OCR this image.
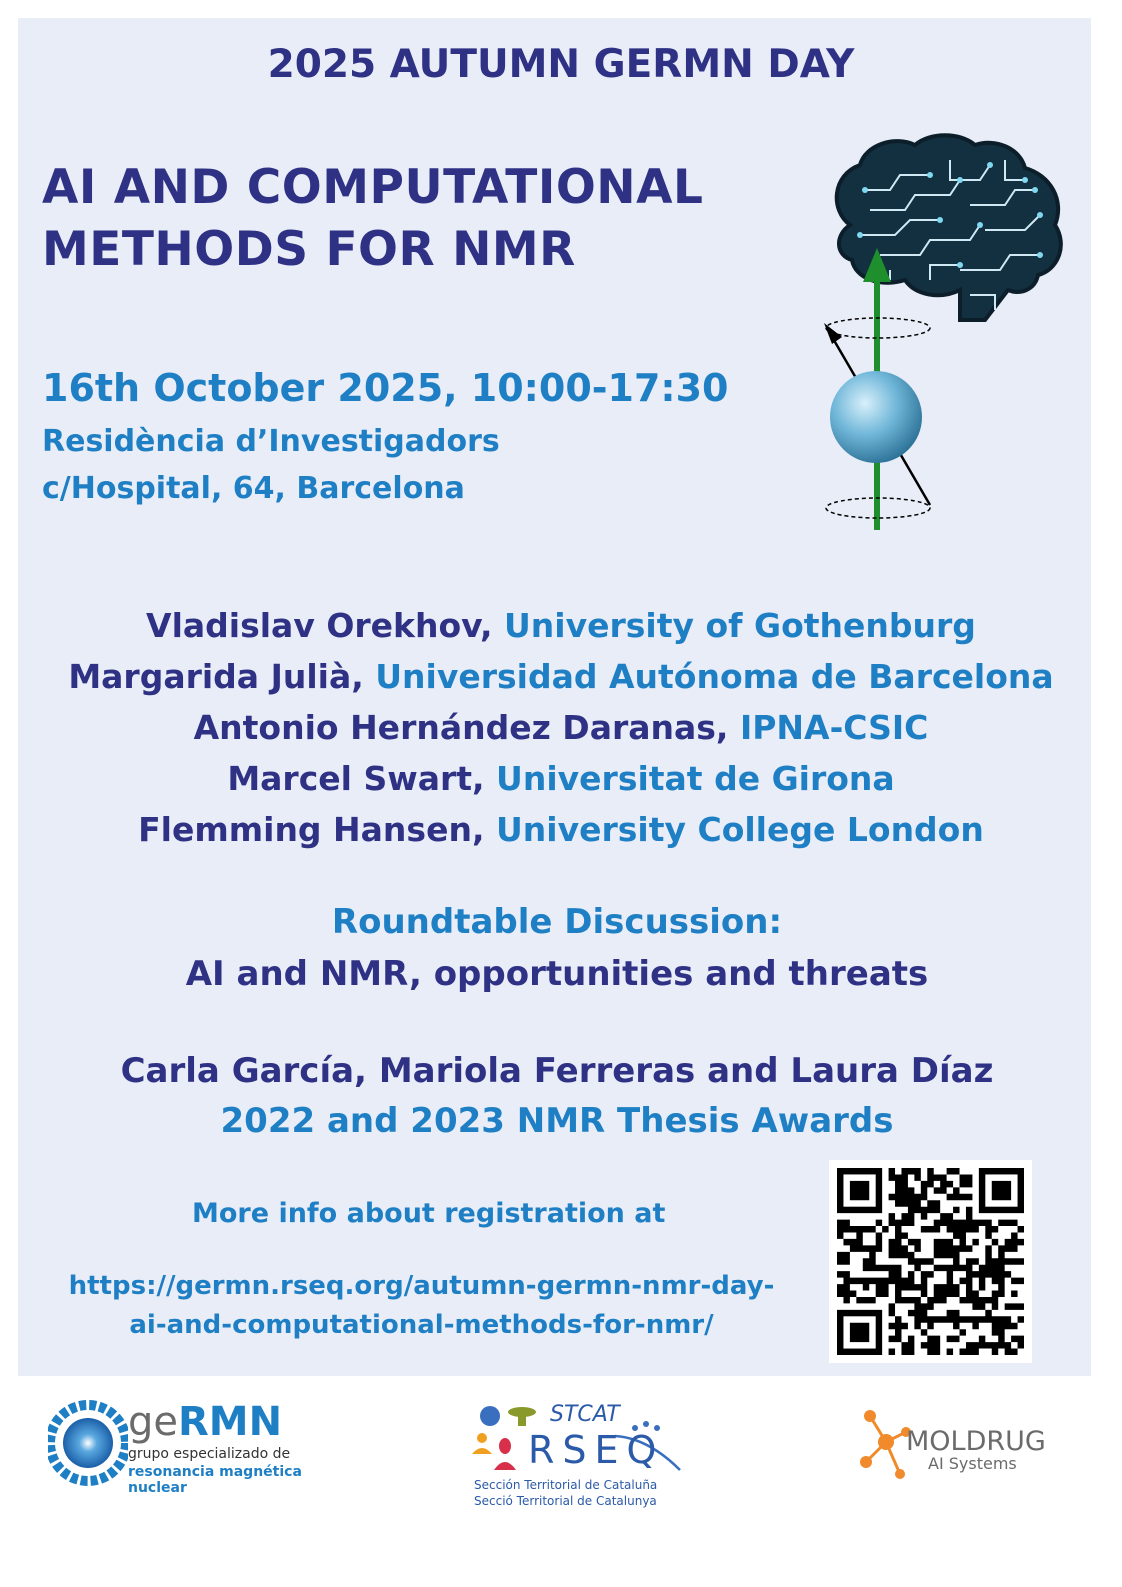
2025 AUTUMN GERMN DAY
AI AND COMPUTATIONAL
METHODS FOR NMR
16th October 2025, 10:00-17:30
Residència d’Investigadors
c/Hospital, 64, Barcelona
Vladislav Orekhov, University of Gothenburg
Margarida Julià, Universidad Autónoma de Barcelona
Antonio Hernández Daranas, IPNA-CSIC
Marcel Swart, Universitat de Girona
Flemming Hansen, University College London
Roundtable Discussion:
AI and NMR, opportunities and threats
Carla García, Mariola Ferreras and Laura Díaz
2022 and 2023 NMR Thesis Awards
More info about registration at
https://germn.rseq.org/autumn-germn-nmr-day-
ai-and-computational-methods-for-nmr/
geRMN
grupo especializado de
resonancia magnética nuclear
STCAT
RSEQ
Sección Territorial de Cataluña
Secció Territorial de Catalunya
MOLDRUG
AI Systems
